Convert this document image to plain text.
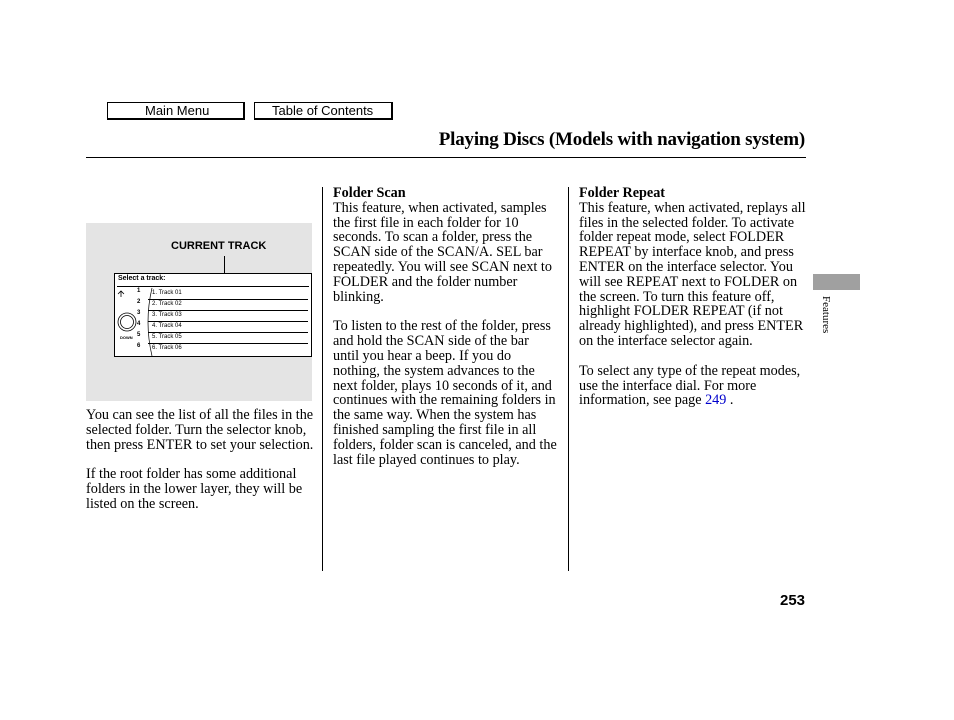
Main Menu	Table of Contents
Playing Discs (Models with navigation system)
CURRENT TRACK
Select a track:
1
2
3
4
5
6
DOWN
1. Track 01
2. Track 02
3. Track 03
4. Track 04
5. Track 05
6. Track 06

You can see the list of all the files in the selected folder. Turn the selector knob, then press ENTER to set your selection.

If the root folder has some additional folders in the lower layer, they will be listed on the screen.

Folder Scan

This feature, when activated, samples the first file in each folder for 10 seconds. To scan a folder, press the SCAN side of the SCAN/A. SEL bar repeatedly. You will see SCAN next to FOLDER and the folder number blinking.

To listen to the rest of the folder, press and hold the SCAN side of the bar until you hear a beep. If you do nothing, the system advances to the next folder, plays 10 seconds of it, and continues with the remaining folders in the same way. When the system has finished sampling the first file in all folders, folder scan is canceled, and the last file played continues to play.

Folder Repeat

This feature, when activated, replays all files in the selected folder. To activate folder repeat mode, select FOLDER REPEAT by interface knob, and press ENTER on the interface selector. You will see REPEAT next to FOLDER on the screen. To turn this feature off, highlight FOLDER REPEAT (if not already highlighted), and press ENTER on the interface selector again.

To select any type of the repeat modes, use the interface dial. For more information, see page 249 .

Features
253
